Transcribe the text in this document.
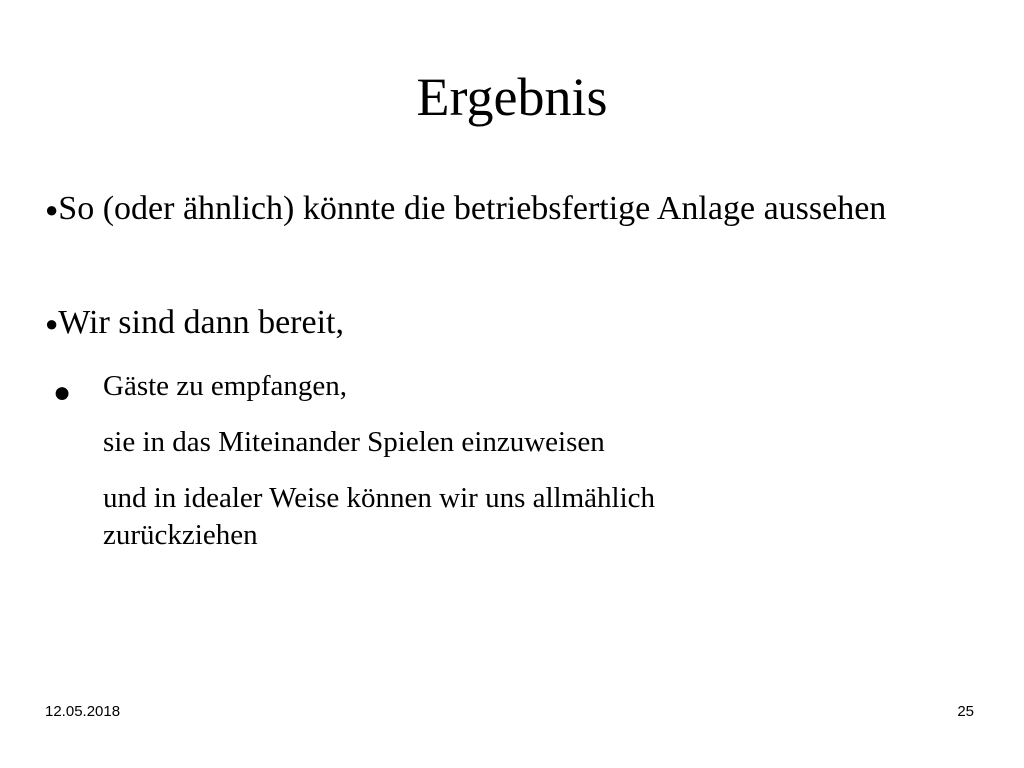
Ergebnis
●So (oder ähnlich) könnte die betriebsfertige Anlage aussehen
●Wir sind dann bereit,
● Gäste zu empfangen,
sie in das Miteinander Spielen einzuweisen
und in idealer Weise können wir uns allmählich zurückziehen
12.05.2018	25
